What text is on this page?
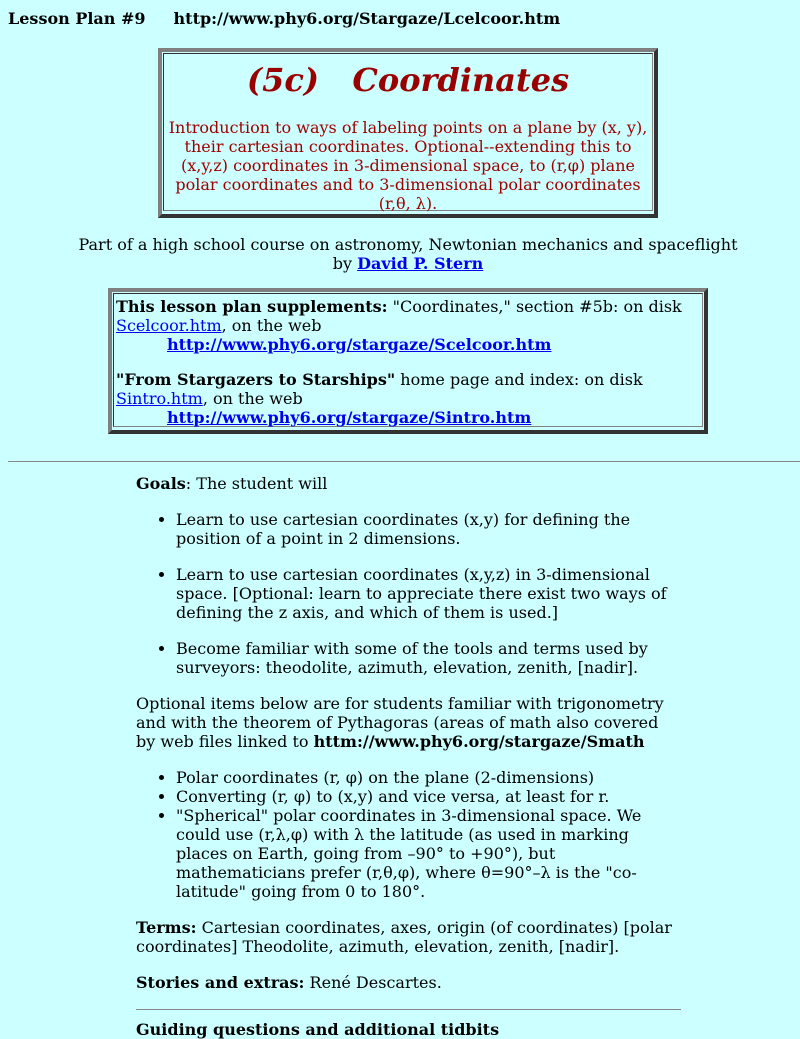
Lesson Plan #9 http://www.phy6.org/Stargaze/Lcelcoor.htm
(5c)   Coordinates
Introduction to ways of labeling points on a plane by (x, y), their cartesian coordinates. Optional--extending this to (x,y,z) coordinates in 3-dimensional space, to (r,φ) plane polar coordinates and to 3-dimensional polar coordinates (r,θ, λ).
Part of a high school course on astronomy, Newtonian mechanics and spaceflight
by David P. Stern
This lesson plan supplements: "Coordinates," section #5b: on disk
Scelcoor.htm, on the web
http://www.phy6.org/stargaze/Scelcoor.htm
"From Stargazers to Starships" home page and index: on disk
Sintro.htm, on the web
http://www.phy6.org/stargaze/Sintro.htm

Goals: The student will

• Learn to use cartesian coordinates (x,y) for defining the position of a point in 2 dimensions.
• Learn to use cartesian coordinates (x,y,z) in 3-dimensional space. [Optional: learn to appreciate there exist two ways of defining the z axis, and which of them is used.]
• Become familiar with some of the tools and terms used by surveyors: theodolite, azimuth, elevation, zenith, [nadir].

Optional items below are for students familiar with trigonometry and with the theorem of Pythagoras (areas of math also covered by web files linked to httm://www.phy6.org/stargaze/Smath

• Polar coordinates (r, φ) on the plane (2-dimensions)
• Converting (r, φ) to (x,y) and vice versa, at least for r.
• "Spherical" polar coordinates in 3-dimensional space. We could use (r,λ,φ) with λ the latitude (as used in marking places on Earth, going from –90° to +90°), but mathematicians prefer (r,θ,φ), where θ=90°–λ is the "co-latitude" going from 0 to 180°.

Terms: Cartesian coordinates, axes, origin (of coordinates) [polar coordinates] Theodolite, azimuth, elevation, zenith, [nadir].

Stories and extras: René Descartes.

Guiding questions and additional tidbits
